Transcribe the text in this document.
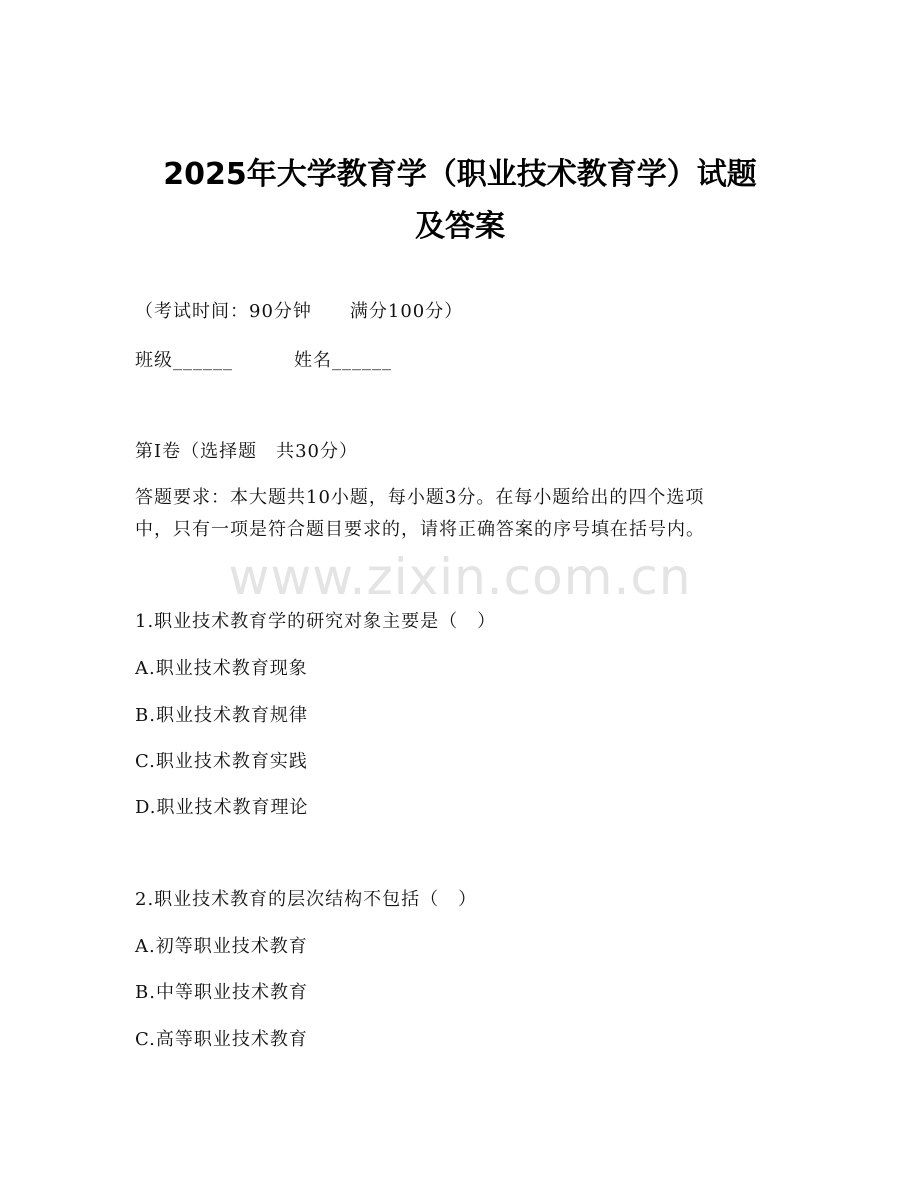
2025年大学教育学（职业技术教育学）试题
及答案
（考试时间：90分钟　　满分100分）
班级______	姓名______
第Ⅰ卷（选择题　共30分）
答题要求：本大题共10小题，每小题3分。在每小题给出的四个选项
中，只有一项是符合题目要求的，请将正确答案的序号填在括号内。
www.zixin.com.cn
1.职业技术教育学的研究对象主要是（　）
A.职业技术教育现象
B.职业技术教育规律
C.职业技术教育实践
D.职业技术教育理论
2.职业技术教育的层次结构不包括（　）
A.初等职业技术教育
B.中等职业技术教育
C.高等职业技术教育
